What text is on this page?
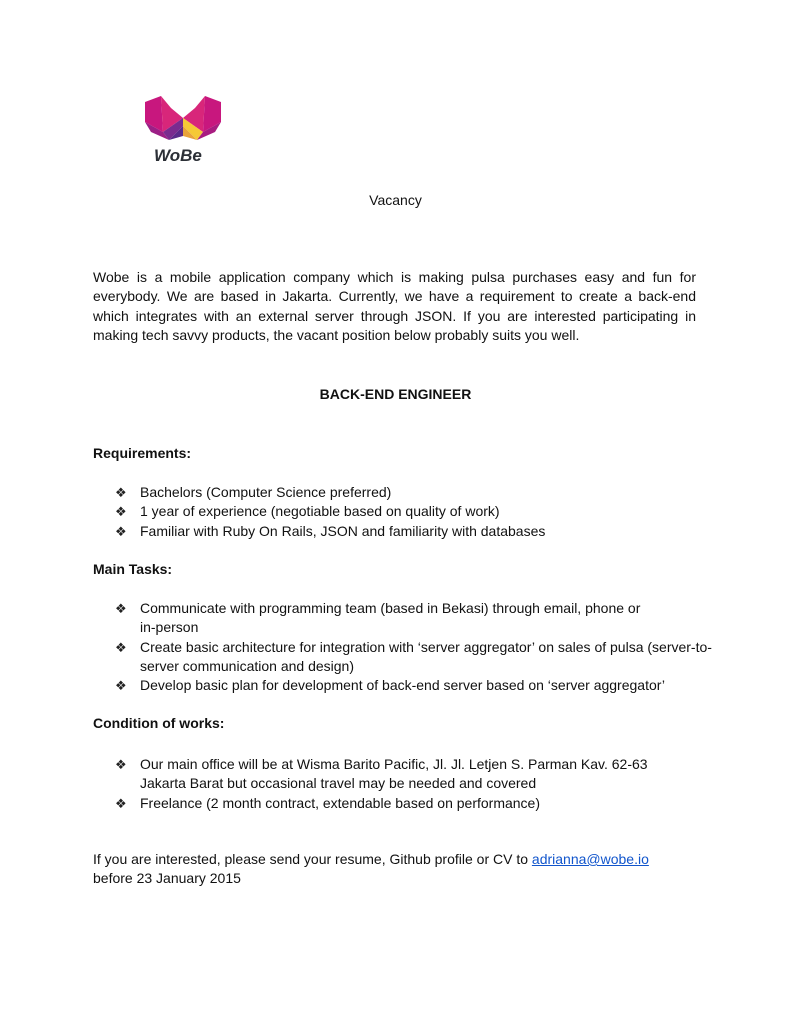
WoBe
Vacancy

Wobe is a mobile application company which is making pulsa purchases easy and fun for everybody. We are based in Jakarta. Currently, we have a requirement to create a back-end which integrates with an external server through JSON. If you are interested participating in making tech savvy products, the vacant position below probably suits you well.

BACK-END ENGINEER

Requirements:

❖ Bachelors (Computer Science preferred)
❖ 1 year of experience (negotiable based on quality of work)
❖ Familiar with Ruby On Rails, JSON and familiarity with databases

Main Tasks:

❖ Communicate with programming team (based in Bekasi) through email, phone or in-person
❖ Create basic architecture for integration with ‘server aggregator’ on sales of pulsa (server-to-server communication and design)
❖ Develop basic plan for development of back-end server based on ‘server aggregator’

Condition of works:

❖ Our main office will be at Wisma Barito Pacific, Jl. Jl. Letjen S. Parman Kav. 62-63 Jakarta Barat but occasional travel may be needed and covered
❖ Freelance (2 month contract, extendable based on performance)

If you are interested, please send your resume, Github profile or CV to adrianna@wobe.io
before 23 January 2015
